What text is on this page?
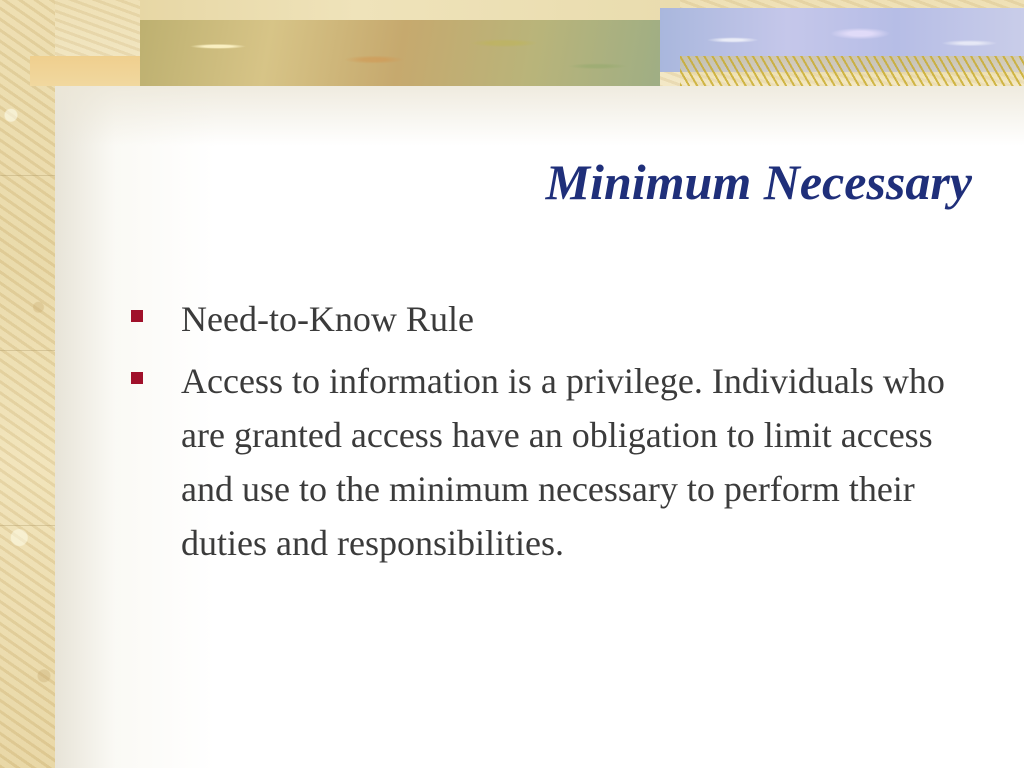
Minimum Necessary
Need-to-Know Rule
Access to information is a privilege. Individuals who are granted access have an obligation to limit access and use to the minimum necessary to perform their duties and responsibilities.
